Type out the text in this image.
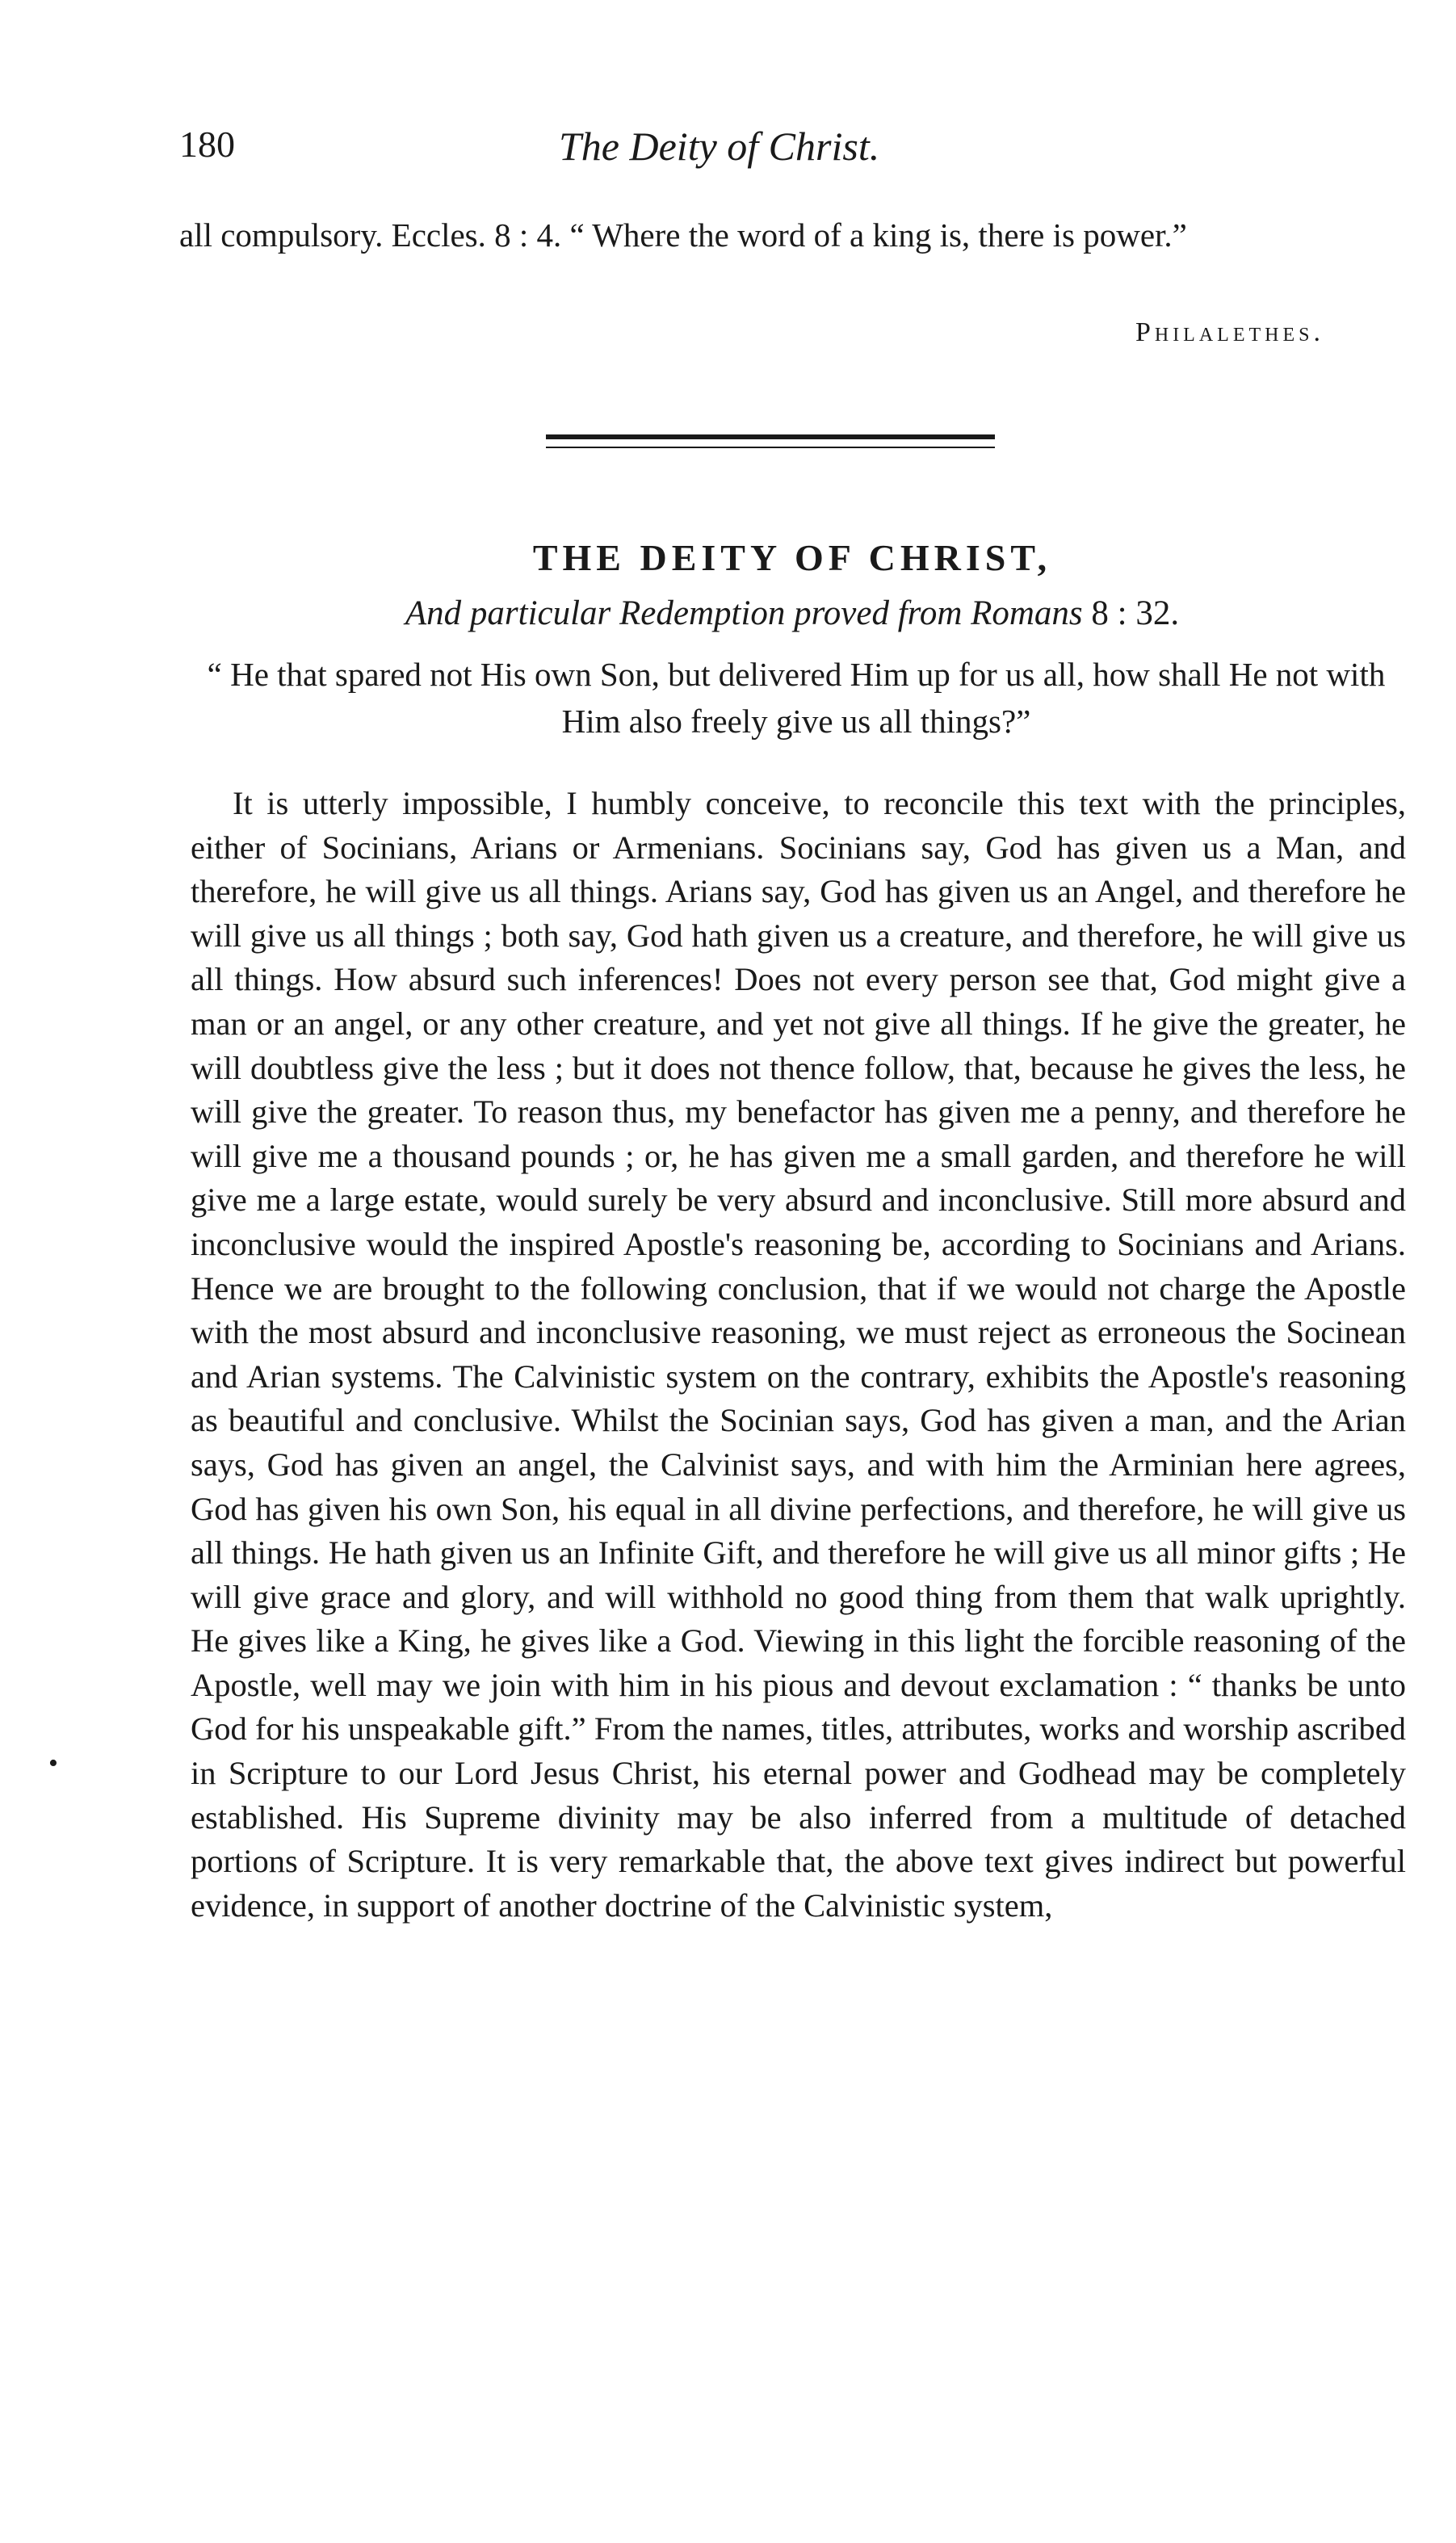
180	The Deity of Christ.
all compulsory. Eccles. 8 : 4. “ Where the word of a king is, there is power.”
Philalethes.
THE DEITY OF CHRIST,
And particular Redemption proved from Romans 8 : 32.
“ He that spared not His own Son, but delivered Him up for us all, how shall He not with Him also freely give us all things?”
It is utterly impossible, I humbly conceive, to reconcile this text with the principles, either of Socinians, Arians or Armenians. Socinians say, God has given us a Man, and therefore, he will give us all things. Arians say, God has given us an Angel, and therefore he will give us all things ; both say, God hath given us a creature, and therefore, he will give us all things. How absurd such inferences! Does not every person see that, God might give a man or an angel, or any other creature, and yet not give all things. If he give the greater, he will doubtless give the less ; but it does not thence follow, that, because he gives the less, he will give the greater. To reason thus, my benefactor has given me a penny, and therefore he will give me a thousand pounds ; or, he has given me a small garden, and therefore he will give me a large estate, would surely be very absurd and inconclusive. Still more absurd and inconclusive would the inspired Apostle's reasoning be, according to Socinians and Arians. Hence we are brought to the following conclusion, that if we would not charge the Apostle with the most absurd and inconclusive reasoning, we must reject as erroneous the Socinean and Arian systems. The Calvinistic system on the contrary, exhibits the Apostle's reasoning as beautiful and conclusive. Whilst the Socinian says, God has given a man, and the Arian says, God has given an angel, the Calvinist says, and with him the Arminian here agrees, God has given his own Son, his equal in all divine perfections, and therefore, he will give us all things. He hath given us an Infinite Gift, and therefore he will give us all minor gifts ; He will give grace and glory, and will withhold no good thing from them that walk uprightly. He gives like a King, he gives like a God. Viewing in this light the forcible reasoning of the Apostle, well may we join with him in his pious and devout exclamation : “ thanks be unto God for his unspeakable gift.” From the names, titles, attributes, works and worship ascribed in Scripture to our Lord Jesus Christ, his eternal power and Godhead may be completely established. His Supreme divinity may be also inferred from a multitude of detached portions of Scripture. It is very remarkable that, the above text gives indirect but powerful evidence, in support of another doctrine of the Calvinistic system,
•
